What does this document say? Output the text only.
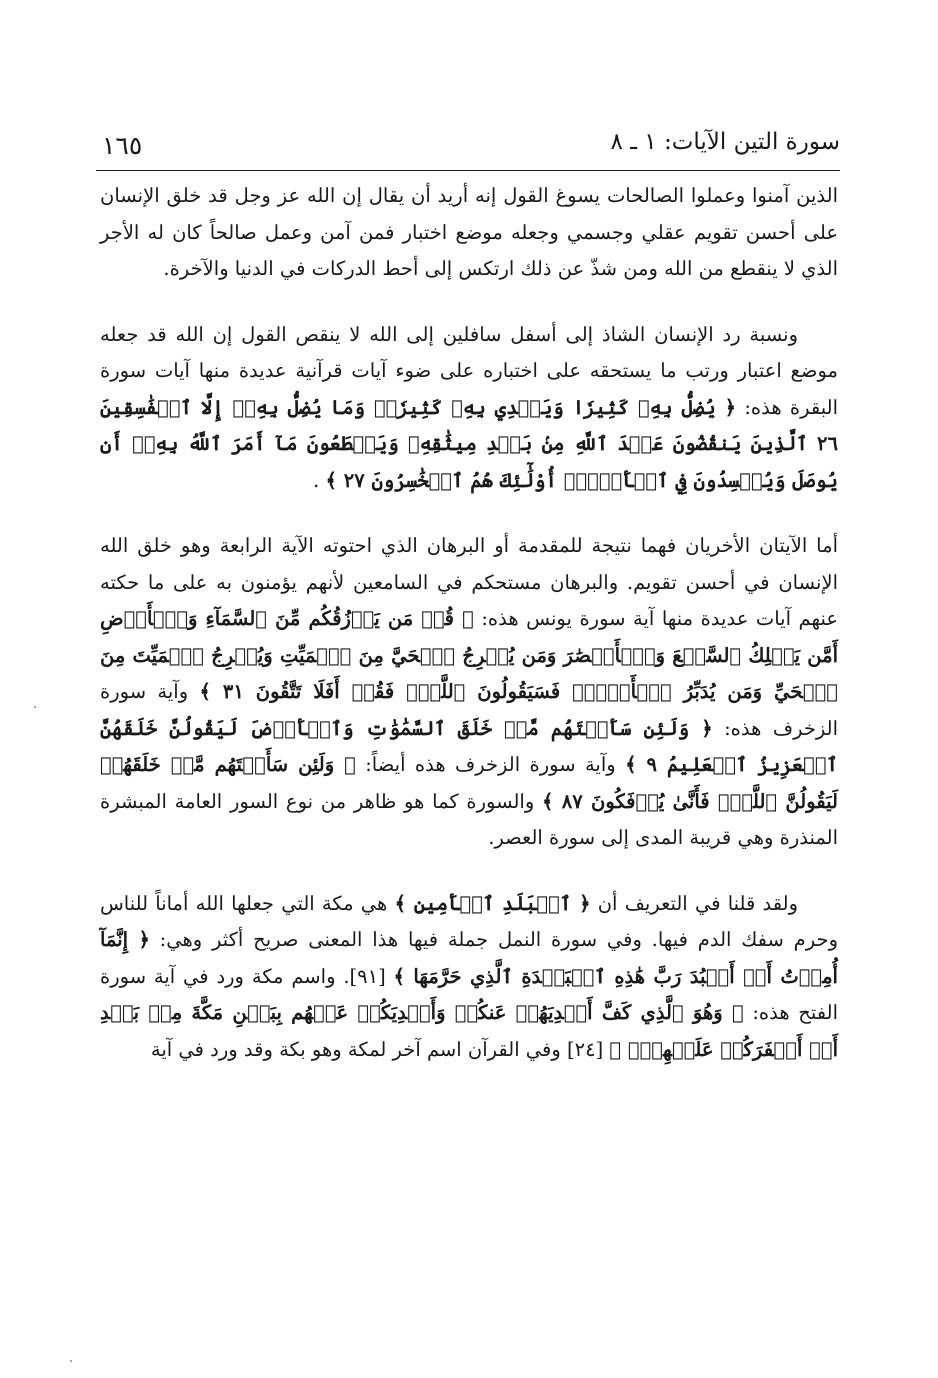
سورة التين الآيات: ١ ـ ٨
١٦٥

الذين آمنوا وعملوا الصالحات يسوغ القول إنه أريد أن يقال إن الله عز وجل قد خلق الإنسان على أحسن تقويم عقلي وجسمي وجعله موضع اختبار فمن آمن وعمل صالحاً كان له الأجر الذي لا ينقطع من الله ومن شذّ عن ذلك ارتكس إلى أحط الدركات في الدنيا والآخرة.

ونسبة رد الإنسان الشاذ إلى أسفل سافلين إلى الله لا ينقص القول إن الله قد جعله موضع اعتبار ورتب ما يستحقه على اختباره على ضوء آيات قرآنية عديدة منها آيات سورة البقرة هذه: ﴿ يُضِلُّ بِهِۦ كَثِيرٗا وَيَهۡدِي بِهِۦ كَثِيرٗاۚ وَمَا يُضِلُّ بِهِۦٓ إِلَّا ٱلۡفَٰسِقِينَ ٢٦ ٱلَّذِينَ يَنقُضُونَ عَهۡدَ ٱللَّهِ مِنۢ بَعۡدِ مِيثَٰقِهِۦ وَيَقۡطَعُونَ مَآ أَمَرَ ٱللَّهُ بِهِۦٓ أَن يُوصَلَ وَيُفۡسِدُونَ فِي ٱلۡأَرۡضِۚ أُوْلَٰٓئِكَ هُمُ ٱلۡخَٰسِرُونَ ٢٧ ﴾ .

أما الآيتان الأخريان فهما نتيجة للمقدمة أو البرهان الذي احتوته الآية الرابعة وهو خلق الله الإنسان في أحسن تقويم. والبرهان مستحكم في السامعين لأنهم يؤمنون به على ما حكته عنهم آيات عديدة منها آية سورة يونس هذه: ﴿ قُلۡ مَن يَرۡزُقُكُم مِّنَ ٱلسَّمَآءِ وَٱلۡأَرۡضِ أَمَّن يَمۡلِكُ ٱلسَّمۡعَ وَٱلۡأَبۡصَٰرَ وَمَن يُخۡرِجُ ٱلۡحَيَّ مِنَ ٱلۡمَيِّتِ وَيُخۡرِجُ ٱلۡمَيِّتَ مِنَ ٱلۡحَيِّ وَمَن يُدَبِّرُ ٱلۡأَمۡرَۚ فَسَيَقُولُونَ ٱللَّهُۚ فَقُلۡ أَفَلَا تَتَّقُونَ ٣١ ﴾ وآية سورة الزخرف هذه: ﴿ وَلَئِن سَأَلۡتَهُم مَّنۡ خَلَقَ ٱلسَّمَٰوَٰتِ وَٱلۡأَرۡضَ لَيَقُولُنَّ خَلَقَهُنَّ ٱلۡعَزِيزُ ٱلۡعَلِيمُ ٩ ﴾ وآية سورة الزخرف هذه أيضاً: ﴿ وَلَئِن سَأَلۡتَهُم مَّنۡ خَلَقَهُمۡ لَيَقُولُنَّ ٱللَّهُۖ فَأَنَّىٰ يُؤۡفَكُونَ ٨٧ ﴾ والسورة كما هو ظاهر من نوع السور العامة المبشرة المنذرة وهي قريبة المدى إلى سورة العصر.

ولقد قلنا في التعريف أن ﴿ ٱلۡبَلَدِ ٱلۡأَمِينِ ﴾ هي مكة التي جعلها الله أماناً للناس وحرم سفك الدم فيها. وفي سورة النمل جملة فيها هذا المعنى صريح أكثر وهي: ﴿ إِنَّمَآ أُمِرۡتُ أَنۡ أَعۡبُدَ رَبَّ هَٰذِهِ ٱلۡبَلۡدَةِ ٱلَّذِي حَرَّمَهَا ﴾ [٩١]. واسم مكة ورد في آية سورة الفتح هذه: ﴿ وَهُوَ ٱلَّذِي كَفَّ أَيۡدِيَهُمۡ عَنكُمۡ وَأَيۡدِيَكُمۡ عَنۡهُم بِبَطۡنِ مَكَّةَ مِنۢ بَعۡدِ أَنۡ أَظۡفَرَكُمۡ عَلَيۡهِمۡۚ ﴾ [٢٤] وفي القرآن اسم آخر لمكة وهو بكة وقد ورد في آية
